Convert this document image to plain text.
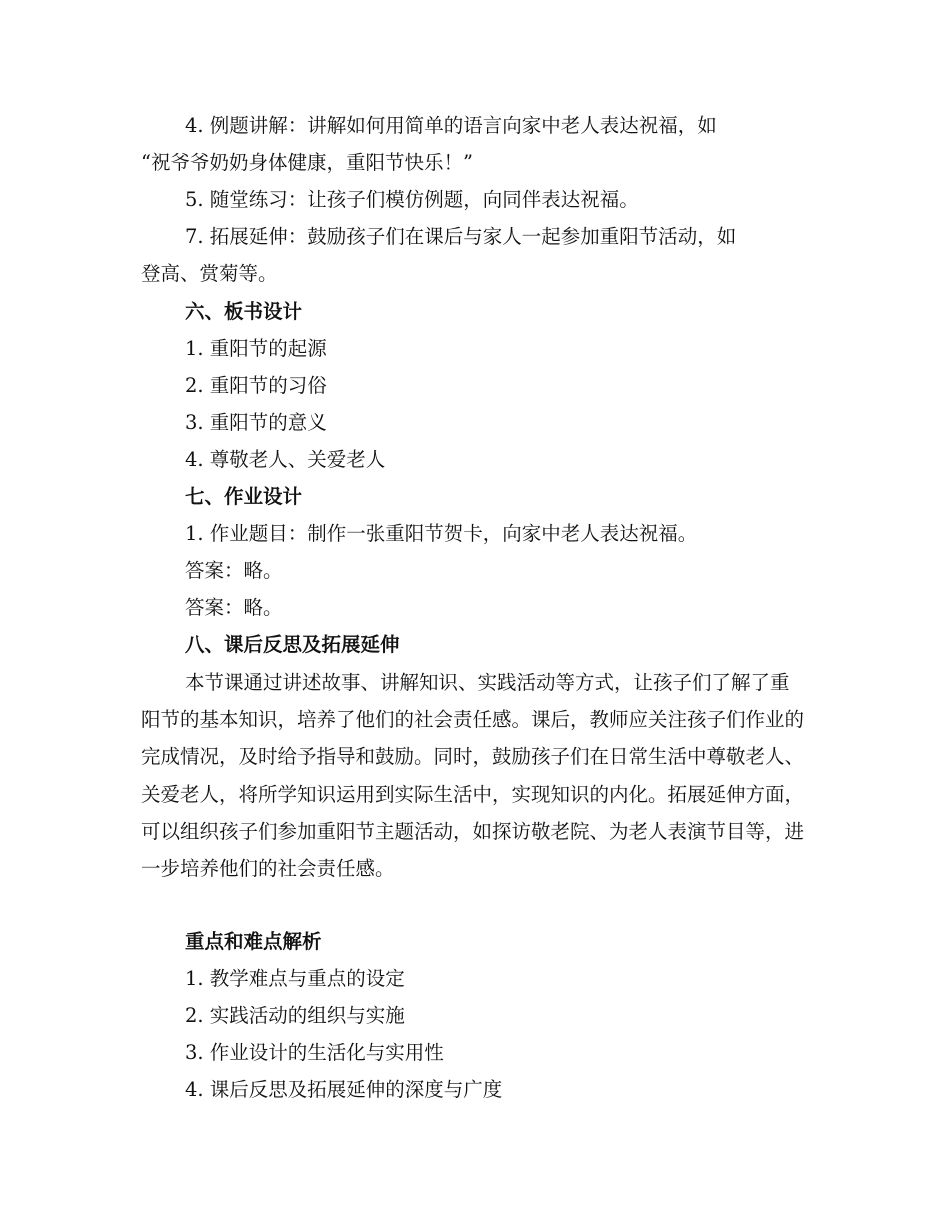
4. 例题讲解：讲解如何用简单的语言向家中老人表达祝福，如
“祝爷爷奶奶身体健康，重阳节快乐！”
5. 随堂练习：让孩子们模仿例题，向同伴表达祝福。
7. 拓展延伸：鼓励孩子们在课后与家人一起参加重阳节活动，如
登高、赏菊等。
六、板书设计
1. 重阳节的起源
2. 重阳节的习俗
3. 重阳节的意义
4. 尊敬老人、关爱老人
七、作业设计
1. 作业题目：制作一张重阳节贺卡，向家中老人表达祝福。
答案：略。
答案：略。
八、课后反思及拓展延伸
本节课通过讲述故事、讲解知识、实践活动等方式，让孩子们了解了重阳节的基本知识，培养了他们的社会责任感。课后，教师应关注孩子们作业的完成情况，及时给予指导和鼓励。同时，鼓励孩子们在日常生活中尊敬老人、关爱老人，将所学知识运用到实际生活中，实现知识的内化。拓展延伸方面，可以组织孩子们参加重阳节主题活动，如探访敬老院、为老人表演节目等，进一步培养他们的社会责任感。
重点和难点解析
1. 教学难点与重点的设定
2. 实践活动的组织与实施
3. 作业设计的生活化与实用性
4. 课后反思及拓展延伸的深度与广度
